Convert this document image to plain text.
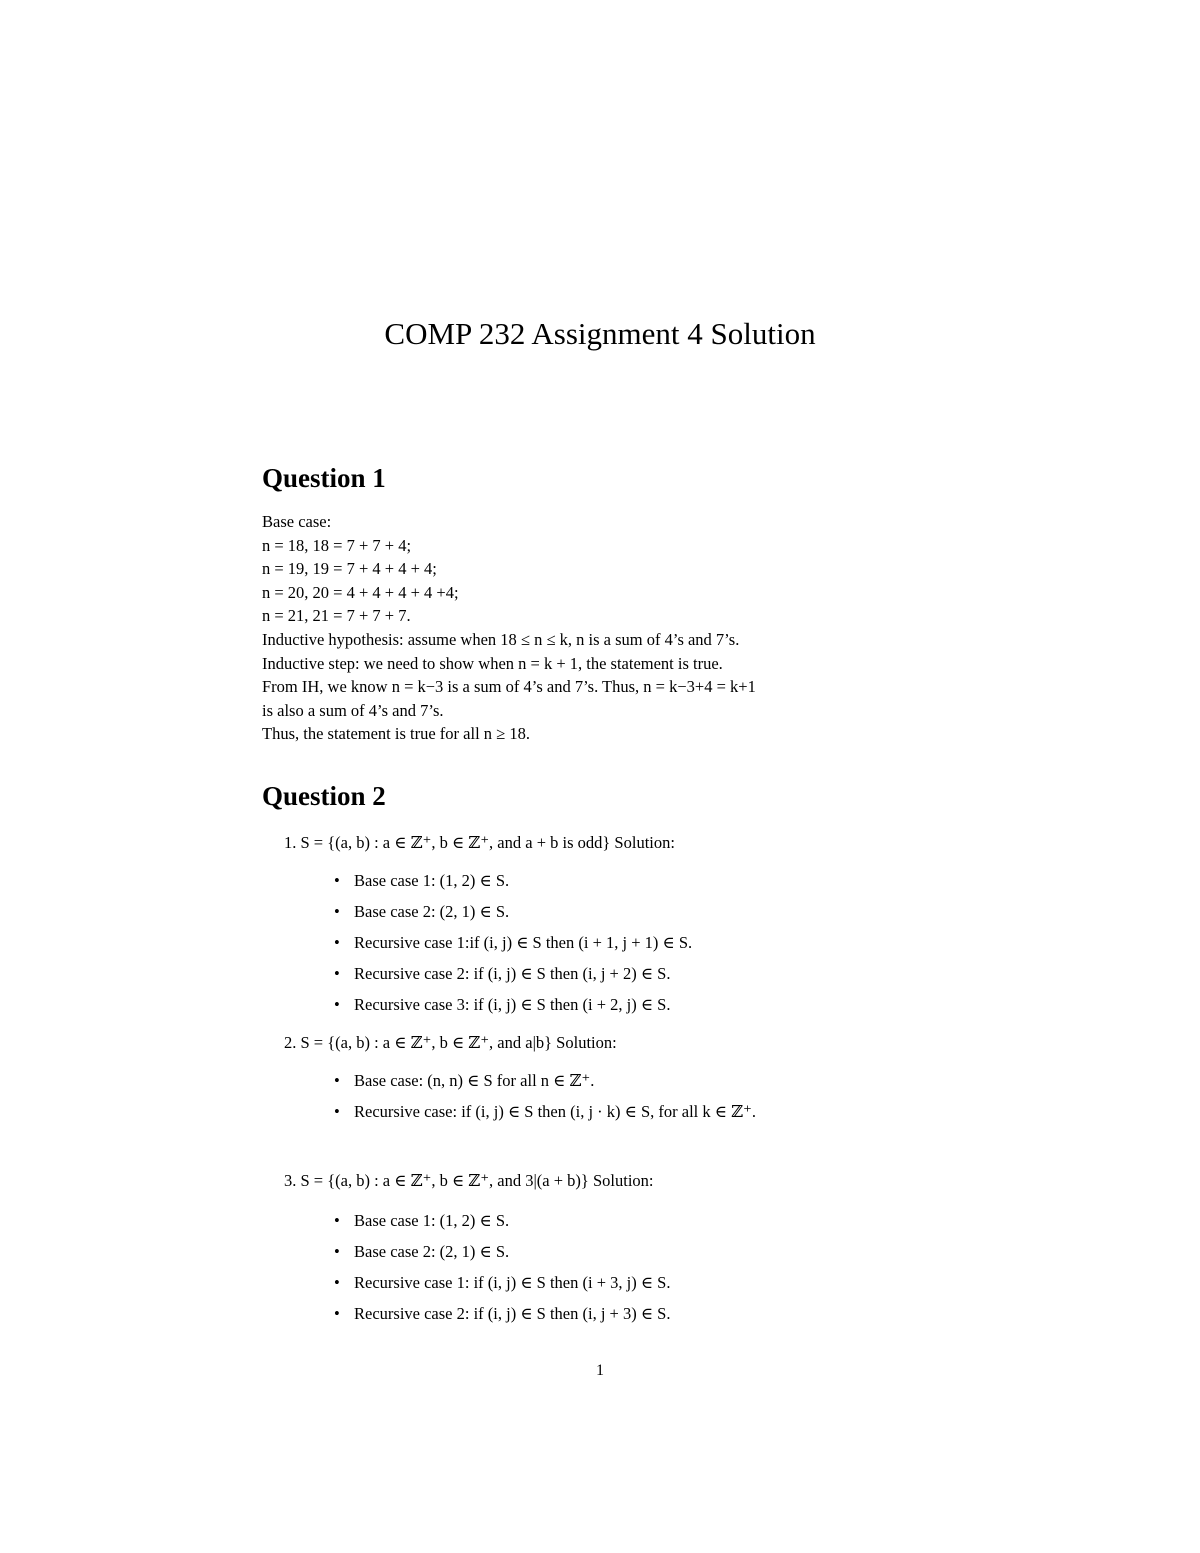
COMP 232 Assignment 4 Solution
Question 1
Base case:
n = 18, 18 = 7 + 7 + 4;
n = 19, 19 = 7 + 4 + 4 + 4;
n = 20, 20 = 4 + 4 + 4 + 4 +4;
n = 21, 21 = 7 + 7 + 7.
Inductive hypothesis: assume when 18 ≤ n ≤ k, n is a sum of 4’s and 7’s.
Inductive step: we need to show when n = k + 1, the statement is true.
From IH, we know n = k−3 is a sum of 4’s and 7’s. Thus, n = k−3+4 = k+1
is also a sum of 4’s and 7’s.
Thus, the statement is true for all n ≥ 18.
Question 2
1. S = {(a, b) : a ∈ ℤ⁺, b ∈ ℤ⁺, and a + b is odd} Solution:
• Base case 1: (1, 2) ∈ S.
• Base case 2: (2, 1) ∈ S.
• Recursive case 1:if (i, j) ∈ S then (i + 1, j + 1) ∈ S.
• Recursive case 2: if (i, j) ∈ S then (i, j + 2) ∈ S.
• Recursive case 3: if (i, j) ∈ S then (i + 2, j) ∈ S.
2. S = {(a, b) : a ∈ ℤ⁺, b ∈ ℤ⁺, and a|b} Solution:
• Base case: (n, n) ∈ S for all n ∈ ℤ⁺.
• Recursive case: if (i, j) ∈ S then (i, j · k) ∈ S, for all k ∈ ℤ⁺.
3. S = {(a, b) : a ∈ ℤ⁺, b ∈ ℤ⁺, and 3|(a + b)} Solution:
• Base case 1: (1, 2) ∈ S.
• Base case 2: (2, 1) ∈ S.
• Recursive case 1: if (i, j) ∈ S then (i + 3, j) ∈ S.
• Recursive case 2: if (i, j) ∈ S then (i, j + 3) ∈ S.
1
